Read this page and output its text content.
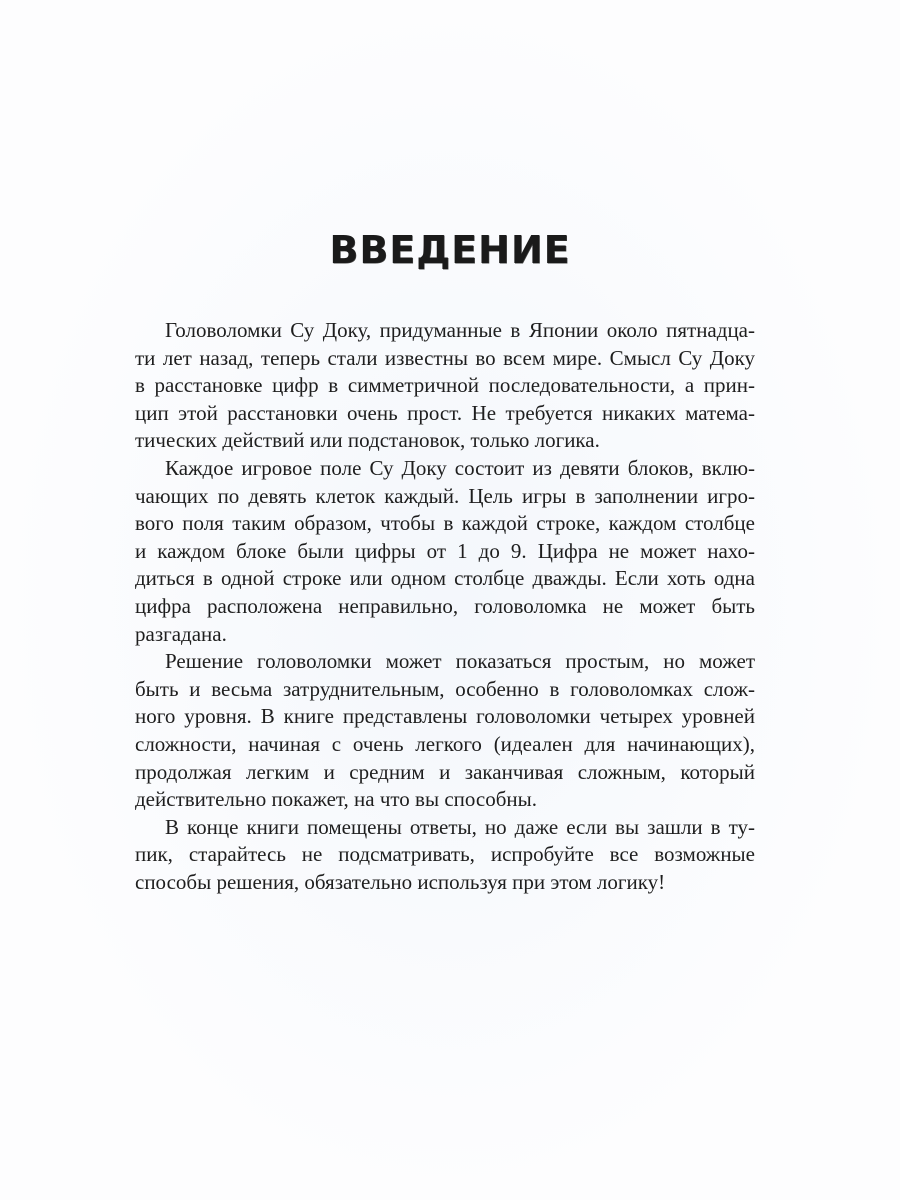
ВВЕДЕНИЕ
Головоломки Су Доку, придуманные в Японии около пятнадца-
ти лет назад, теперь стали известны во всем мире. Смысл Су Доку
в расстановке цифр в симметричной последовательности, а прин-
цип этой расстановки очень прост. Не требуется никаких матема-
тических действий или подстановок, только логика.
Каждое игровое поле Су Доку состоит из девяти блоков, вклю-
чающих по девять клеток каждый. Цель игры в заполнении игро-
вого поля таким образом, чтобы в каждой строке, каждом столбце
и каждом блоке были цифры от 1 до 9. Цифра не может нахо-
диться в одной строке или одном столбце дважды. Если хоть одна
цифра расположена неправильно, головоломка не может быть
разгадана.
Решение головоломки может показаться простым, но может
быть и весьма затруднительным, особенно в головоломках слож-
ного уровня. В книге представлены головоломки четырех уровней
сложности, начиная с очень легкого (идеален для начинающих),
продолжая легким и средним и заканчивая сложным, который
действительно покажет, на что вы способны.
В конце книги помещены ответы, но даже если вы зашли в ту-
пик, старайтесь не подсматривать, испробуйте все возможные
способы решения, обязательно используя при этом логику!
